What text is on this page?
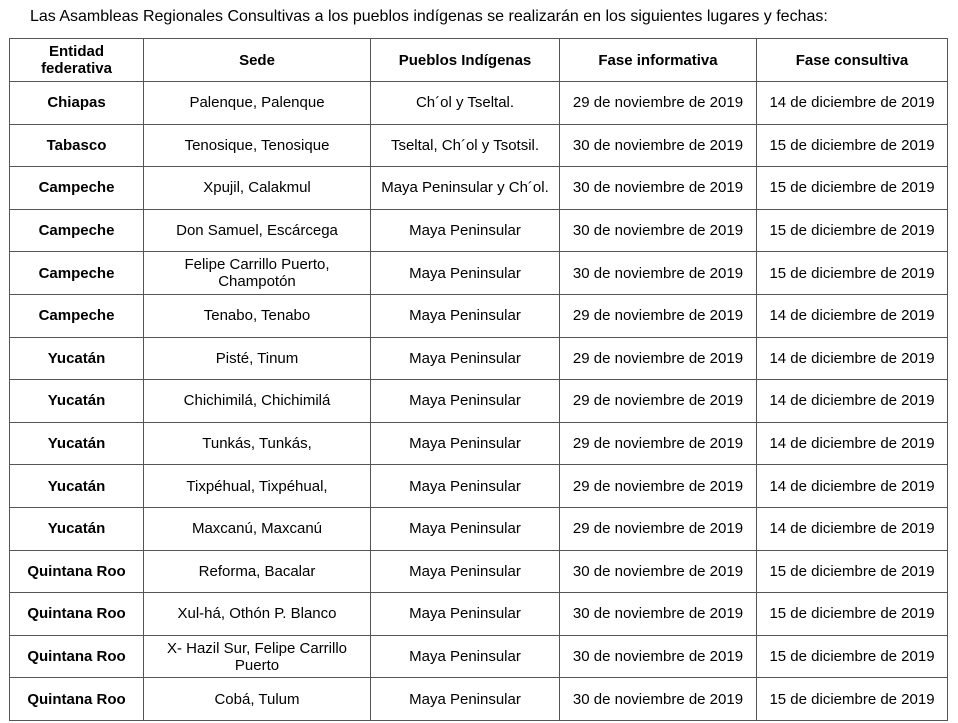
Las Asambleas Regionales Consultivas a los pueblos indígenas se realizarán en los siguientes lugares y fechas:
Entidad federativa	Sede	Pueblos Indígenas	Fase informativa	Fase consultiva
Chiapas	Palenque, Palenque	Ch´ol y Tseltal.	29 de noviembre de 2019	14 de diciembre de 2019
Tabasco	Tenosique, Tenosique	Tseltal, Ch´ol y Tsotsil.	30 de noviembre de 2019	15 de diciembre de 2019
Campeche	Xpujil, Calakmul	Maya Peninsular y Ch´ol.	30 de noviembre de 2019	15 de diciembre de 2019
Campeche	Don Samuel, Escárcega	Maya Peninsular	30 de noviembre de 2019	15 de diciembre de 2019
Campeche	Felipe Carrillo Puerto, Champotón	Maya Peninsular	30 de noviembre de 2019	15 de diciembre de 2019
Campeche	Tenabo, Tenabo	Maya Peninsular	29 de noviembre de 2019	14 de diciembre de 2019
Yucatán	Pisté, Tinum	Maya Peninsular	29 de noviembre de 2019	14 de diciembre de 2019
Yucatán	Chichimilá, Chichimilá	Maya Peninsular	29 de noviembre de 2019	14 de diciembre de 2019
Yucatán	Tunkás, Tunkás,	Maya Peninsular	29 de noviembre de 2019	14 de diciembre de 2019
Yucatán	Tixpéhual, Tixpéhual,	Maya Peninsular	29 de noviembre de 2019	14 de diciembre de 2019
Yucatán	Maxcanú, Maxcanú	Maya Peninsular	29 de noviembre de 2019	14 de diciembre de 2019
Quintana Roo	Reforma, Bacalar	Maya Peninsular	30 de noviembre de 2019	15 de diciembre de 2019
Quintana Roo	Xul-há, Othón P. Blanco	Maya Peninsular	30 de noviembre de 2019	15 de diciembre de 2019
Quintana Roo	X- Hazil Sur, Felipe Carrillo Puerto	Maya Peninsular	30 de noviembre de 2019	15 de diciembre de 2019
Quintana Roo	Cobá, Tulum	Maya Peninsular	30 de noviembre de 2019	15 de diciembre de 2019
